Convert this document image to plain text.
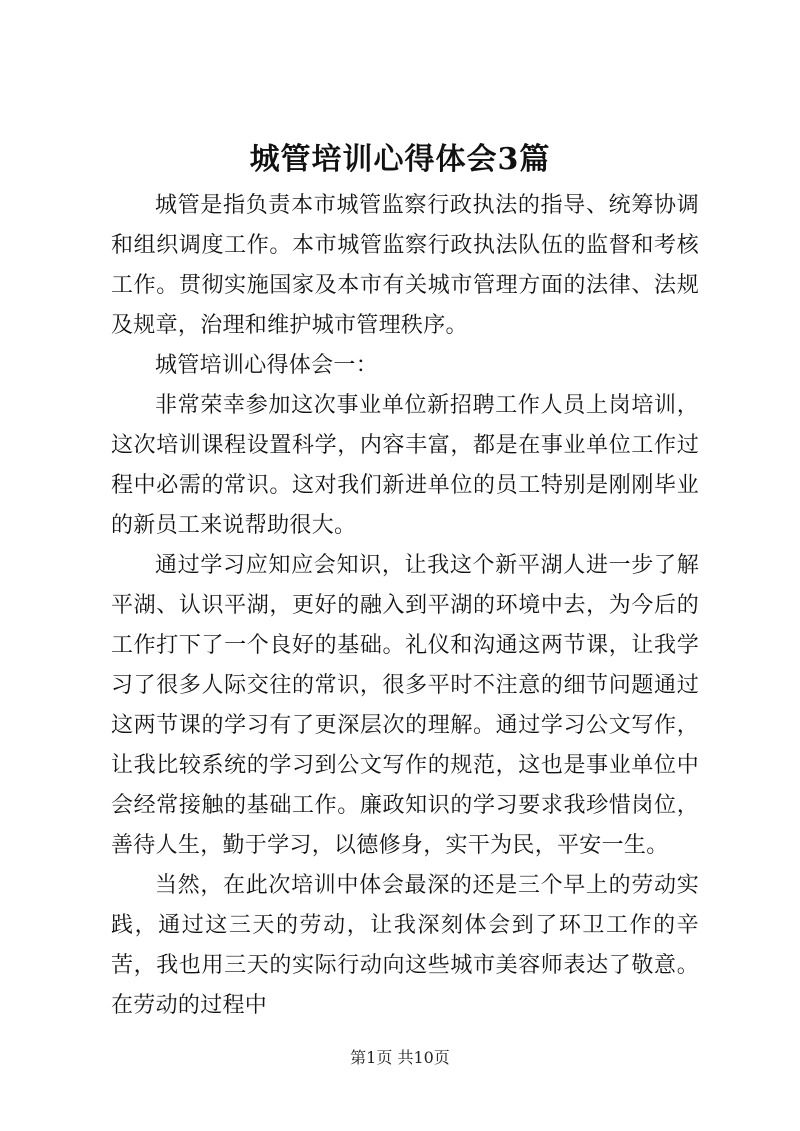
城管培训心得体会3篇

城管是指负责本市城管监察行政执法的指导、统筹协调和组织调度工作。本市城管监察行政执法队伍的监督和考核工作。贯彻实施国家及本市有关城市管理方面的法律、法规及规章，治理和维护城市管理秩序。

城管培训心得体会一：

非常荣幸参加这次事业单位新招聘工作人员上岗培训，这次培训课程设置科学，内容丰富，都是在事业单位工作过程中必需的常识。这对我们新进单位的员工特别是刚刚毕业的新员工来说帮助很大。

通过学习应知应会知识，让我这个新平湖人进一步了解平湖、认识平湖，更好的融入到平湖的环境中去，为今后的工作打下了一个良好的基础。礼仪和沟通这两节课，让我学习了很多人际交往的常识，很多平时不注意的细节问题通过这两节课的学习有了更深层次的理解。通过学习公文写作，让我比较系统的学习到公文写作的规范，这也是事业单位中会经常接触的基础工作。廉政知识的学习要求我珍惜岗位，善待人生，勤于学习，以德修身，实干为民，平安一生。

当然，在此次培训中体会最深的还是三个早上的劳动实践，通过这三天的劳动，让我深刻体会到了环卫工作的辛苦，我也用三天的实际行动向这些城市美容师表达了敬意。在劳动的过程中

第1页 共10页
